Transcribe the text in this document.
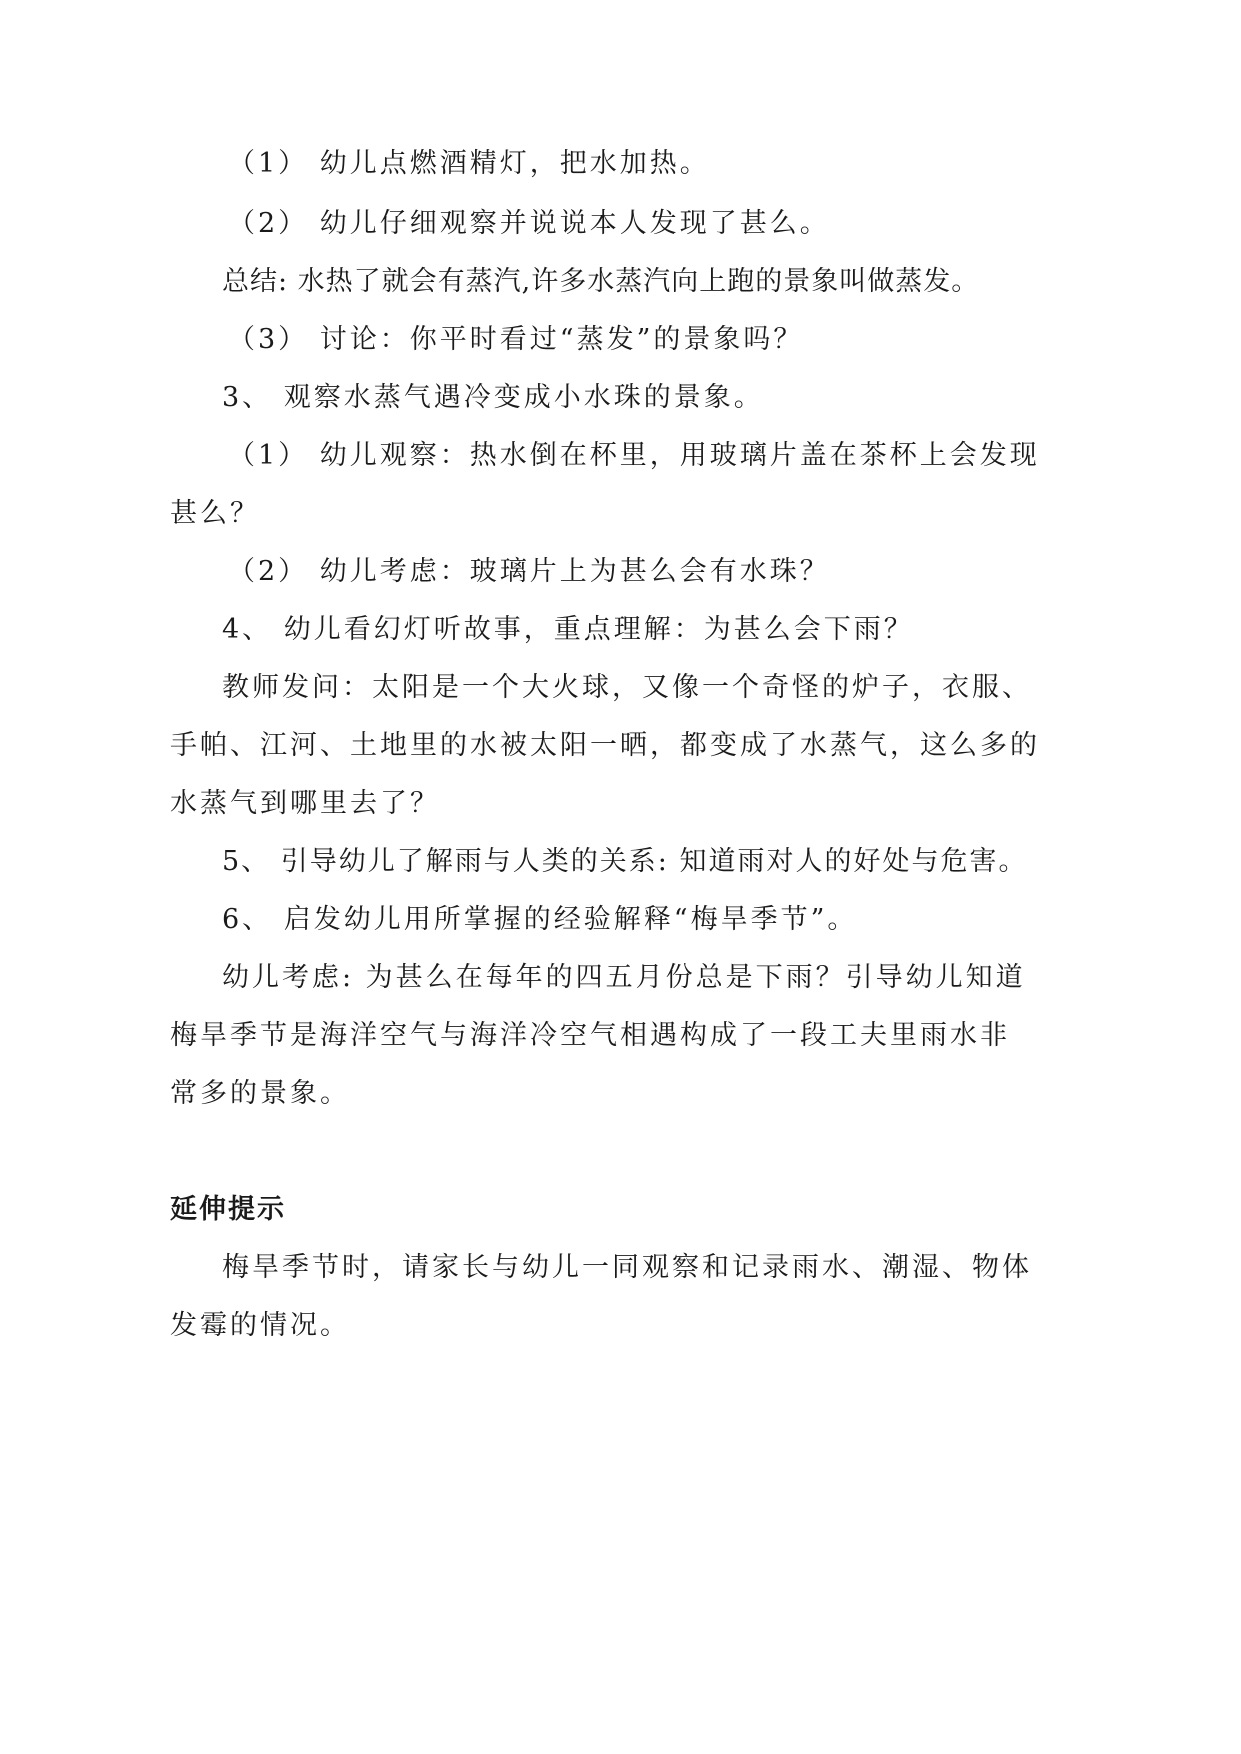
（1） 幼儿点燃酒精灯，把水加热。
（2） 幼儿仔细观察并说说本人发现了甚么。
总结: 水热了就会有蒸汽,许多水蒸汽向上跑的景象叫做蒸发。
（3） 讨论：你平时看过“蒸发”的景象吗？
3、 观察水蒸气遇冷变成小水珠的景象。
（1） 幼儿观察：热水倒在杯里，用玻璃片盖在茶杯上会发现
甚么？
（2） 幼儿考虑：玻璃片上为甚么会有水珠？
4、 幼儿看幻灯听故事，重点理解：为甚么会下雨？
教师发问：太阳是一个大火球，又像一个奇怪的炉子，衣服、
手帕、江河、土地里的水被太阳一晒，都变成了水蒸气，这么多的
水蒸气到哪里去了？
5、 引导幼儿了解雨与人类的关系: 知道雨对人的好处与危害。
6、 启发幼儿用所掌握的经验解释“梅旱季节”。
幼儿考虑: 为甚么在每年的四五月份总是下雨？引导幼儿知道
梅旱季节是海洋空气与海洋冷空气相遇构成了一段工夫里雨水非
常多的景象。
延伸提示
梅旱季节时，请家长与幼儿一同观察和记录雨水、潮湿、物体
发霉的情况。
